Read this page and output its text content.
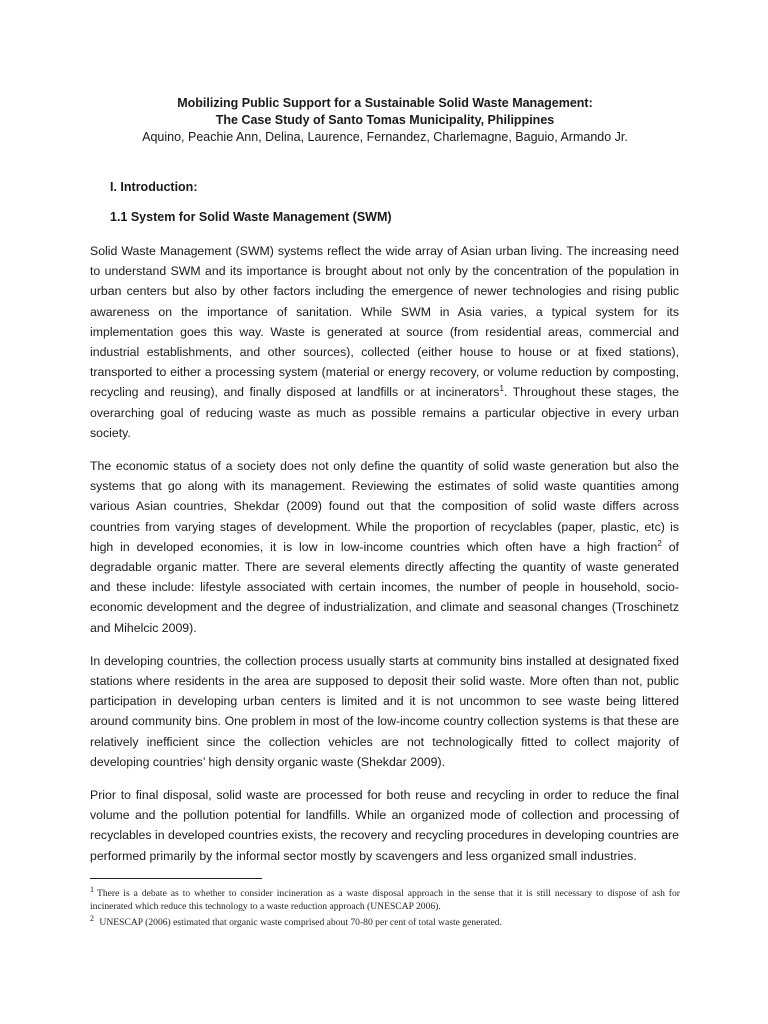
Mobilizing Public Support for a Sustainable Solid Waste Management:
The Case Study of Santo Tomas Municipality, Philippines
Aquino, Peachie Ann, Delina, Laurence, Fernandez, Charlemagne, Baguio, Armando Jr.
I. Introduction:
1.1 System for Solid Waste Management (SWM)

Solid Waste Management (SWM) systems reflect the wide array of Asian urban living. The increasing need to understand SWM and its importance is brought about not only by the concentration of the population in urban centers but also by other factors including the emergence of newer technologies and rising public awareness on the importance of sanitation. While SWM in Asia varies, a typical system for its implementation goes this way. Waste is generated at source (from residential areas, commercial and industrial establishments, and other sources), collected (either house to house or at fixed stations), transported to either a processing system (material or energy recovery, or volume reduction by composting, recycling and reusing), and finally disposed at landfills or at incinerators$^1$. Throughout these stages, the overarching goal of reducing waste as much as possible remains a particular objective in every urban society.

The economic status of a society does not only define the quantity of solid waste generation but also the systems that go along with its management. Reviewing the estimates of solid waste quantities among various Asian countries, Shekdar (2009) found out that the composition of solid waste differs across countries from varying stages of development. While the proportion of recyclables (paper, plastic, etc) is high in developed economies, it is low in low-income countries which often have a high fraction$^2$ of degradable organic matter. There are several elements directly affecting the quantity of waste generated and these include: lifestyle associated with certain incomes, the number of people in household, socio-economic development and the degree of industrialization, and climate and seasonal changes (Troschinetz and Mihelcic 2009).

In developing countries, the collection process usually starts at community bins installed at designated fixed stations where residents in the area are supposed to deposit their solid waste. More often than not, public participation in developing urban centers is limited and it is not uncommon to see waste being littered around community bins. One problem in most of the low-income country collection systems is that these are relatively inefficient since the collection vehicles are not technologically fitted to collect majority of developing countries’ high density organic waste (Shekdar 2009).

Prior to final disposal, solid waste are processed for both reuse and recycling in order to reduce the final volume and the pollution potential for landfills. While an organized mode of collection and processing of recyclables in developed countries exists, the recovery and recycling procedures in developing countries are performed primarily by the informal sector mostly by scavengers and less organized small industries.

$^1$ There is a debate as to whether to consider incineration as a waste disposal approach in the sense that it is still necessary to dispose of ash for incinerated which reduce this technology to a waste reduction approach (UNESCAP 2006).
$^2$ UNESCAP (2006) estimated that organic waste comprised about 70-80 per cent of total waste generated.
